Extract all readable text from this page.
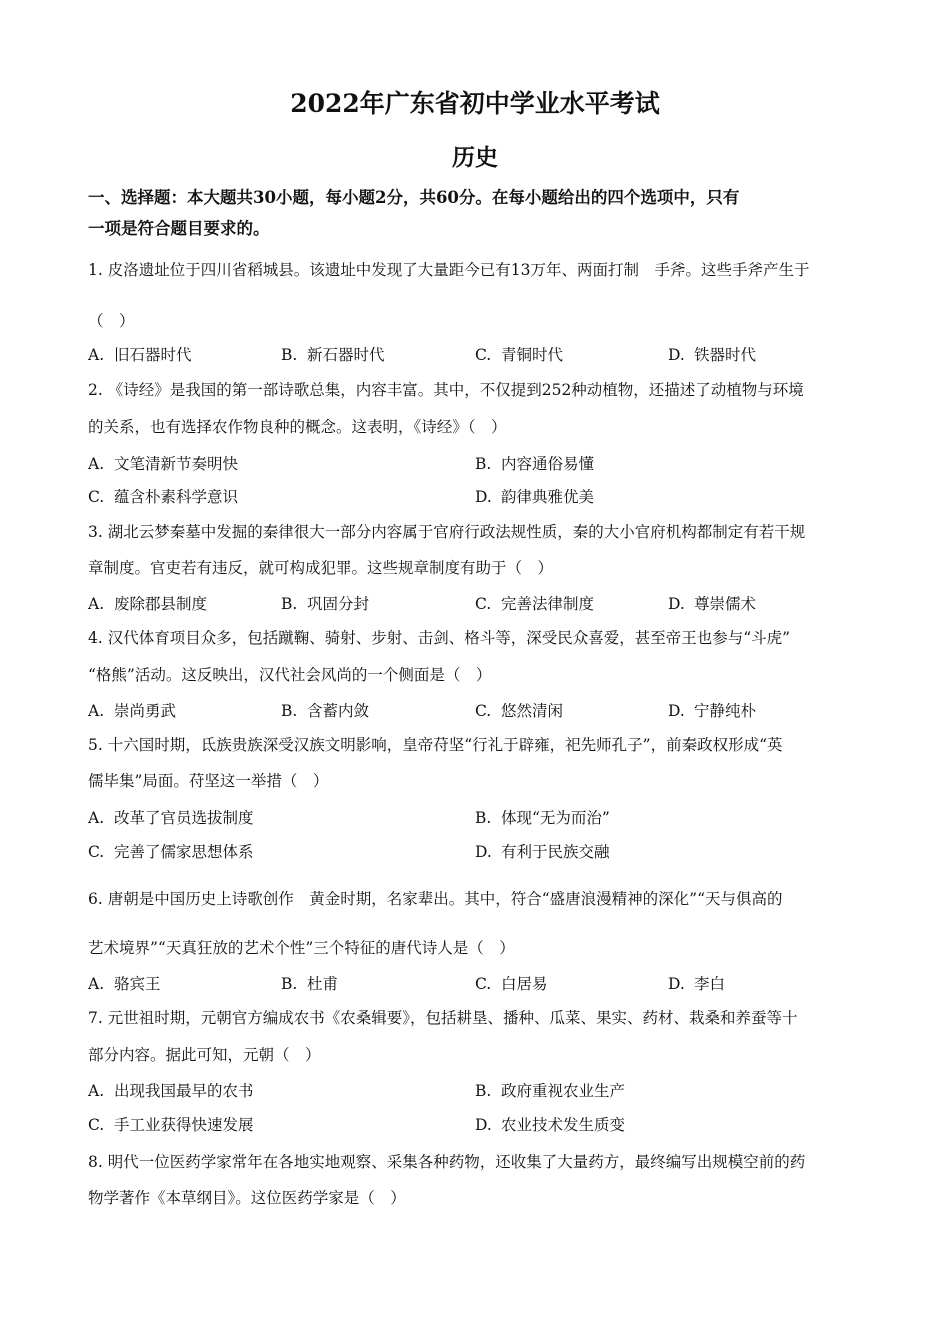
2022年广东省初中学业水平考试
历史
一、选择题：本大题共30小题，每小题2分，共60分。在每小题给出的四个选项中，只有
一项是符合题目要求的。
1. 皮洛遗址位于四川省稻城县。该遗址中发现了大量距今已有13万年、两面打制　手斧。这些手斧产生于
（　）
A. 旧石器时代	B. 新石器时代	C. 青铜时代	D. 铁器时代
2. 《诗经》是我国的第一部诗歌总集，内容丰富。其中，不仅提到252种动植物，还描述了动植物与环境
的关系，也有选择农作物良种的概念。这表明，《诗经》（　）
A. 文笔清新节奏明快	B. 内容通俗易懂
C. 蕴含朴素科学意识	D. 韵律典雅优美
3. 湖北云梦秦墓中发掘的秦律很大一部分内容属于官府行政法规性质，秦的大小官府机构都制定有若干规
章制度。官吏若有违反，就可构成犯罪。这些规章制度有助于（　）
A. 废除郡县制度	B. 巩固分封	C. 完善法律制度	D. 尊崇儒术
4. 汉代体育项目众多，包括蹴鞠、骑射、步射、击剑、格斗等，深受民众喜爱，甚至帝王也参与“斗虎”
“格熊”活动。这反映出，汉代社会风尚的一个侧面是（　）
A. 崇尚勇武	B. 含蓄内敛	C. 悠然清闲	D. 宁静纯朴
5. 十六国时期，氐族贵族深受汉族文明影响，皇帝苻坚“行礼于辟雍，祀先师孔子”，前秦政权形成“英
儒毕集”局面。苻坚这一举措（　）
A. 改革了官员选拔制度	B. 体现“无为而治”
C. 完善了儒家思想体系	D. 有利于民族交融
6. 唐朝是中国历史上诗歌创作　黄金时期，名家辈出。其中，符合“盛唐浪漫精神的深化”“天与俱高的
艺术境界”“天真狂放的艺术个性”三个特征的唐代诗人是（　）
A. 骆宾王	B. 杜甫	C. 白居易	D. 李白
7. 元世祖时期，元朝官方编成农书《农桑辑要》，包括耕垦、播种、瓜菜、果实、药材、栽桑和养蚕等十
部分内容。据此可知，元朝（　）
A. 出现我国最早的农书	B. 政府重视农业生产
C. 手工业获得快速发展	D. 农业技术发生质变
8. 明代一位医药学家常年在各地实地观察、采集各种药物，还收集了大量药方，最终编写出规模空前的药
物学著作《本草纲目》。这位医药学家是（　）
